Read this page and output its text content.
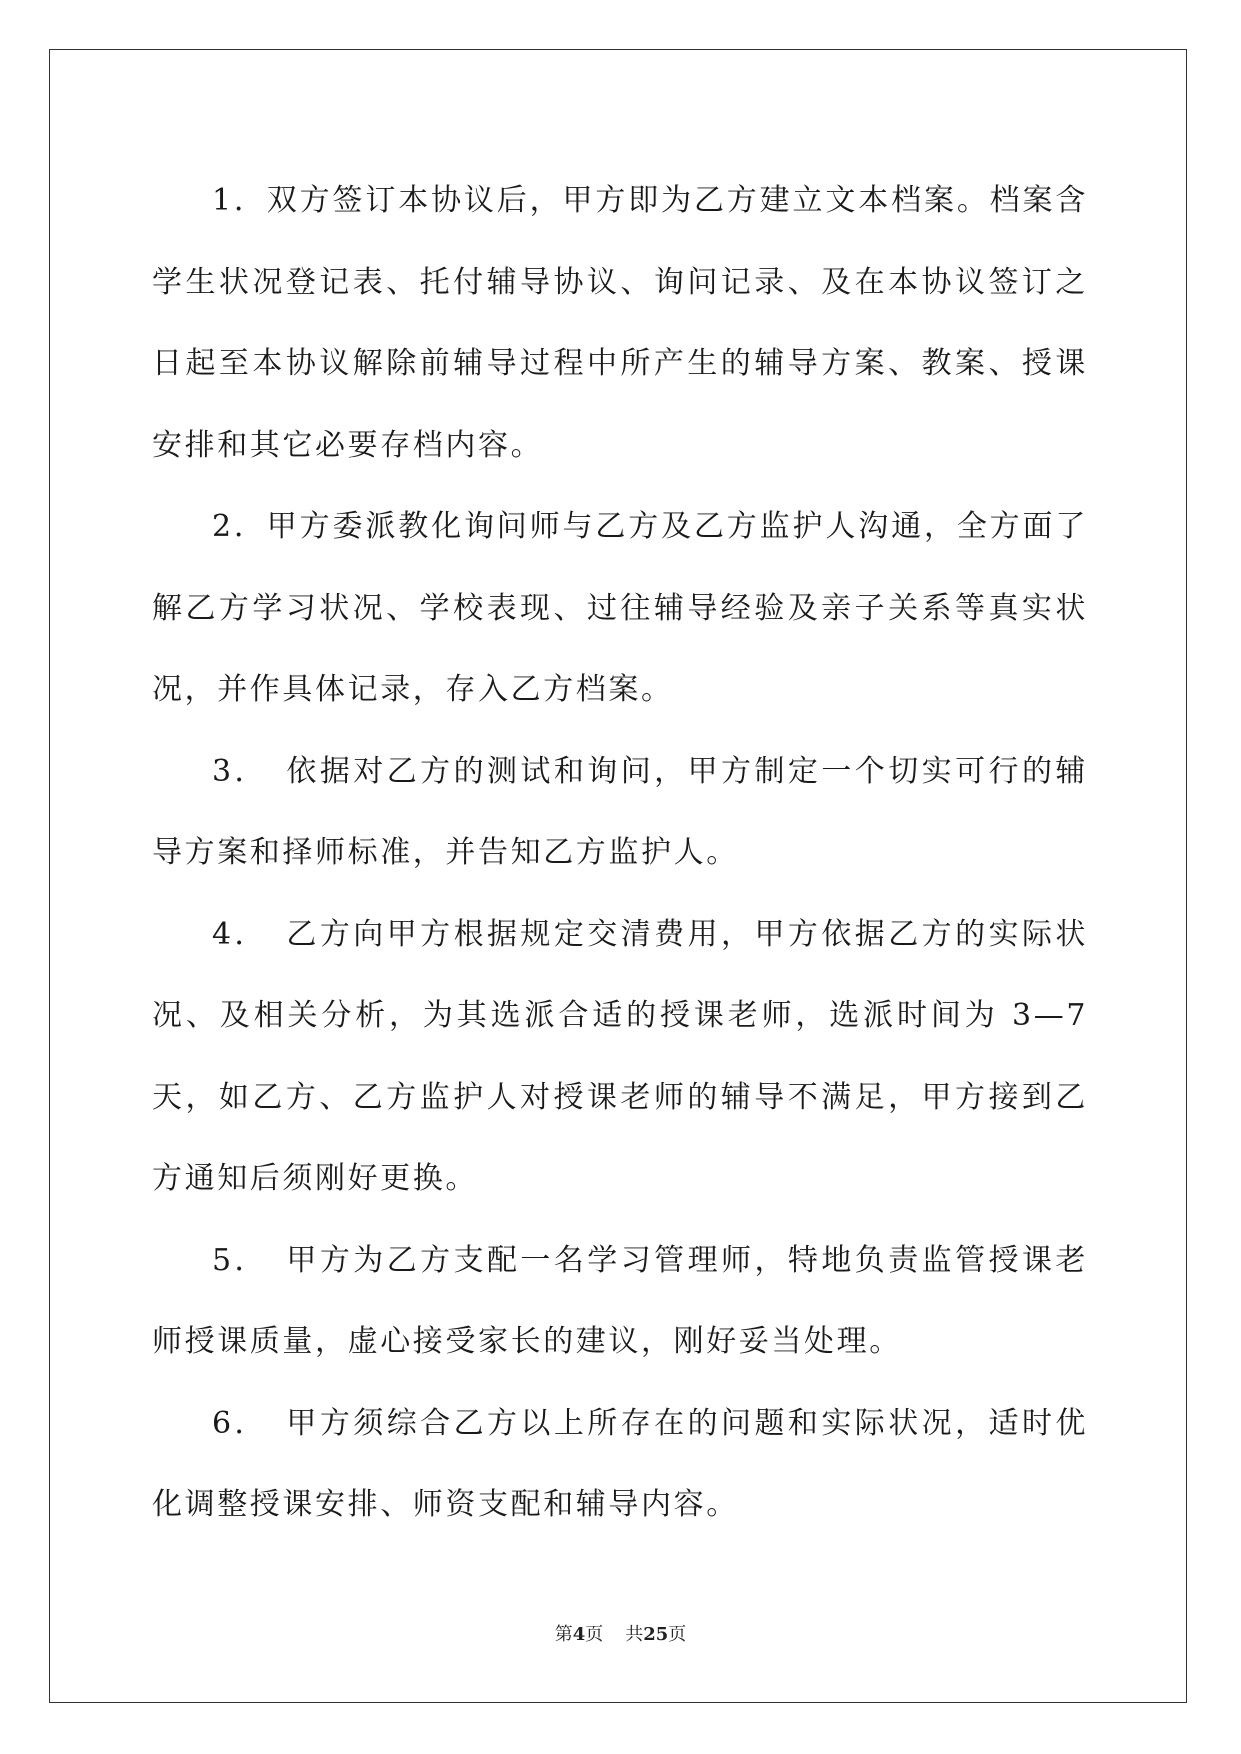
1．双方签订本协议后，甲方即为乙方建立文本档案。档案含学生状况登记表、托付辅导协议、询问记录、及在本协议签订之日起至本协议解除前辅导过程中所产生的辅导方案、教案、授课安排和其它必要存档内容。

2．甲方委派教化询问师与乙方及乙方监护人沟通，全方面了解乙方学习状况、学校表现、过往辅导经验及亲子关系等真实状况，并作具体记录，存入乙方档案。

3．　依据对乙方的测试和询问，甲方制定一个切实可行的辅导方案和择师标准，并告知乙方监护人。

4．　乙方向甲方根据规定交清费用，甲方依据乙方的实际状况、及相关分析，为其选派合适的授课老师，选派时间为 3—7 天，如乙方、乙方监护人对授课老师的辅导不满足，甲方接到乙方通知后须刚好更换。

5．　甲方为乙方支配一名学习管理师，特地负责监管授课老师授课质量，虚心接受家长的建议，刚好妥当处理。

6．　甲方须综合乙方以上所存在的问题和实际状况，适时优化调整授课安排、师资支配和辅导内容。

第4页 共25页
